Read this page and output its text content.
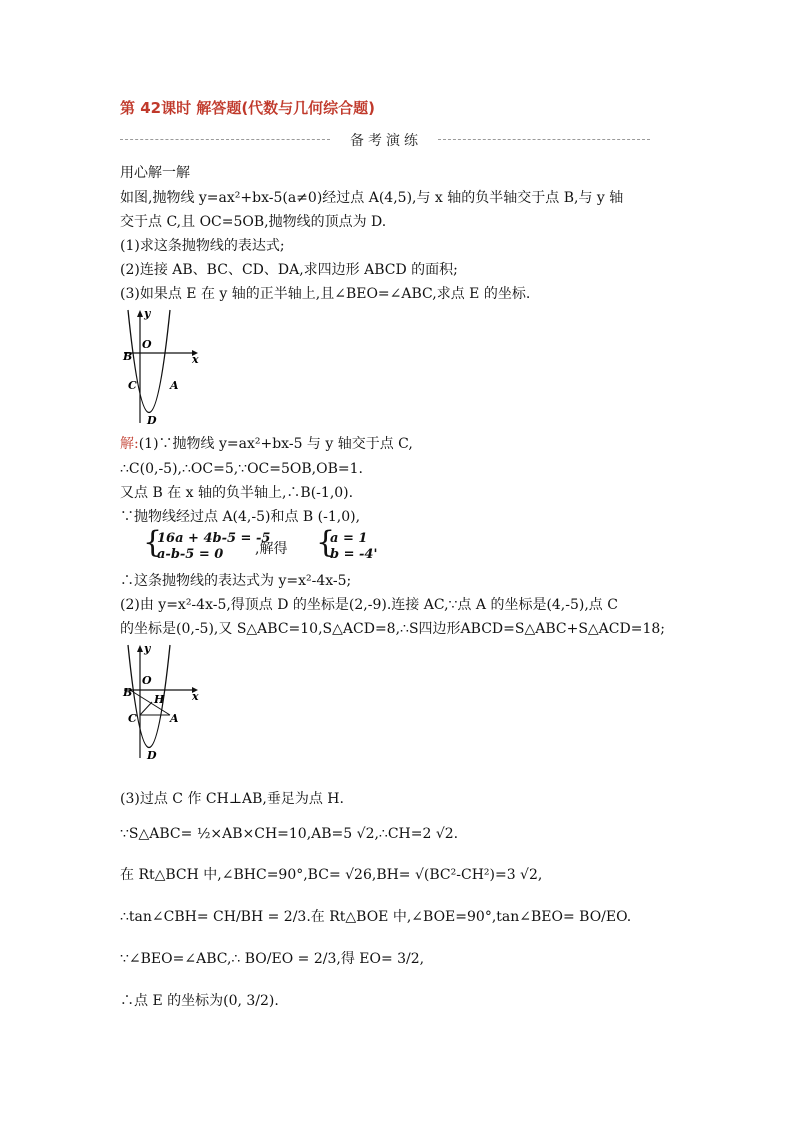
第 42课时 解答题(代数与几何综合题)
备考演练
用心解一解
如图,抛物线 y=ax²+bx-5(a≠0)经过点 A(4,5),与 x 轴的负半轴交于点 B,与 y 轴
交于点 C,且 OC=5OB,抛物线的顶点为 D.
(1)求这条抛物线的表达式;
(2)连接 AB、BC、CD、DA,求四边形 ABCD 的面积;
(3)如果点 E 在 y 轴的正半轴上,且∠BEO=∠ABC,求点 E 的坐标.
y
x
O
B
C	A
D
解:(1)∵抛物线 y=ax²+bx-5 与 y 轴交于点 C,
∴C(0,-5),∴OC=5,∵OC=5OB,OB=1.
又点 B 在 x 轴的负半轴上,∴B(-1,0).
∵抛物线经过点 A(4,-5)和点 B (-1,0),
{
16a + 4b-5 = -5
a-b-5 = 0	,解得 {
a = 1
b = -4'
∴这条抛物线的表达式为 y=x²-4x-5;
(2)由 y=x²-4x-5,得顶点 D 的坐标是(2,-9).连接 AC,∵点 A 的坐标是(4,-5),点 C
的坐标是(0,-5),又 S△ABC=10,S△ACD=8,∴S四边形ABCD=S△ABC+S△ACD=18;
y
x
O
B
H
C	A
D
(3)过点 C 作 CH⊥AB,垂足为点 H.
∵S△ABC= ½×AB×CH=10,AB=5 √2,∴CH=2 √2.
在 Rt△BCH 中,∠BHC=90°,BC= √26,BH= √(BC²-CH²)=3 √2,
∴tan∠CBH= CH/BH = 2/3.在 Rt△BOE 中,∠BOE=90°,tan∠BEO= BO/EO.
∵∠BEO=∠ABC,∴ BO/EO = 2/3,得 EO= 3/2,
∴点 E 的坐标为(0, 3/2).
